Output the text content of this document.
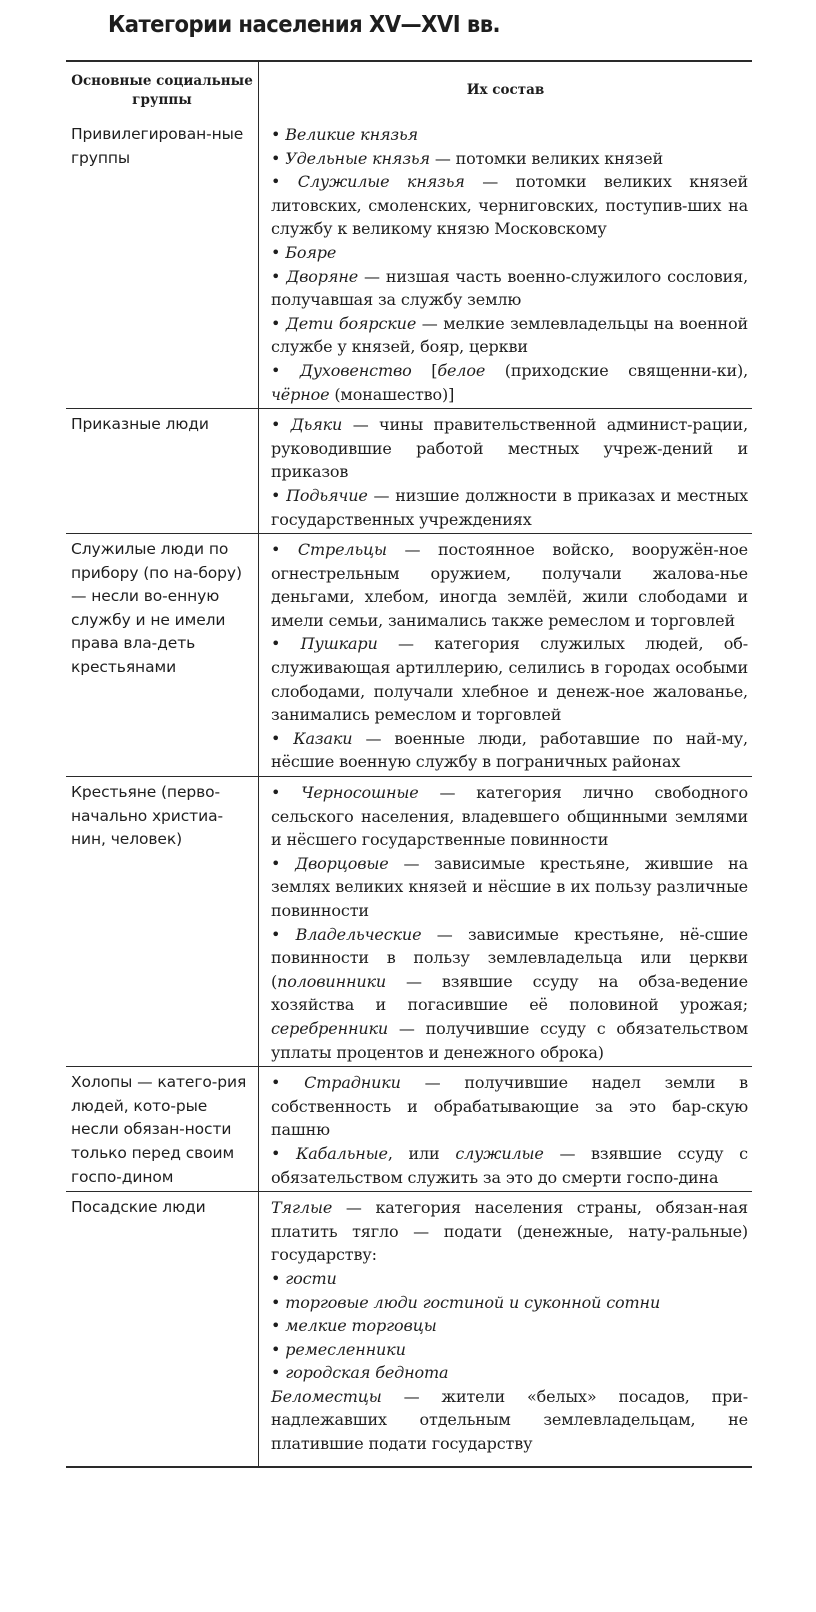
Категории населения XV—XVI вв.
Основные социальные группы
Их состав

Привилегирован-ные группы

• Великие князья

• Удельные князья — потомки великих князей

• Служилые князья — потомки великих князей литовских, смоленских, черниговских, поступив-ших на службу к великому князю Московскому

• Бояре

• Дворяне — низшая часть военно-служилого сословия, получавшая за службу землю

• Дети боярские — мелкие землевладельцы на военной службе у князей, бояр, церкви

• Духовенство [белое (приходские священни-ки), чёрное (монашество)]

Приказные люди	• Дьяки — чины правительственной админист-рации, руководившие работой местных учреж-дений и приказов

• Подьячие — низшие должности в приказах и местных государственных учреждениях

Служилые люди по прибору (по на-бору) — несли во-енную службу и не имели права вла-деть крестьянами

• Стрельцы — постоянное войско, вооружён-ное огнестрельным оружием, получали жалова-нье деньгами, хлебом, иногда землёй, жили слободами и имели семьи, занимались также ремеслом и торговлей

• Пушкари — категория служилых людей, об-служивающая артиллерию, селились в городах особыми слободами, получали хлебное и денеж-ное жалованье, занимались ремеслом и торговлей

• Казаки — военные люди, работавшие по най-му, нёсшие военную службу в пограничных районах

Крестьяне (перво-начально христиа-нин, человек)

• Черносошные — категория лично свободного сельского населения, владевшего общинными землями и нёсшего государственные повинности

• Дворцовые — зависимые крестьяне, жившие на землях великих князей и нёсшие в их пользу различные повинности

• Владельческие — зависимые крестьяне, нё-сшие повинности в пользу землевладельца или церкви (половинники — взявшие ссуду на обза-ведение хозяйства и погасившие её половиной урожая; серебренники — получившие ссуду с обязательством уплаты процентов и денежного оброка)

Холопы — катего-рия людей, кото-рые несли обязан-ности только перед своим госпо-дином

• Страдники — получившие надел земли в собственность и обрабатывающие за это бар-скую пашню

• Кабальные, или служилые — взявшие ссуду с обязательством служить за это до смерти госпо-дина

Посадские люди	Тяглые — категория населения страны, обязан-ная платить тягло — подати (денежные, нату-ральные) государству:

• гости

• торговые люди гостиной и суконной сотни

• мелкие торговцы

• ремесленники

• городская беднота

Беломестцы — жители «белых» посадов, при-надлежавших отдельным землевладельцам, не платившие подати государству
